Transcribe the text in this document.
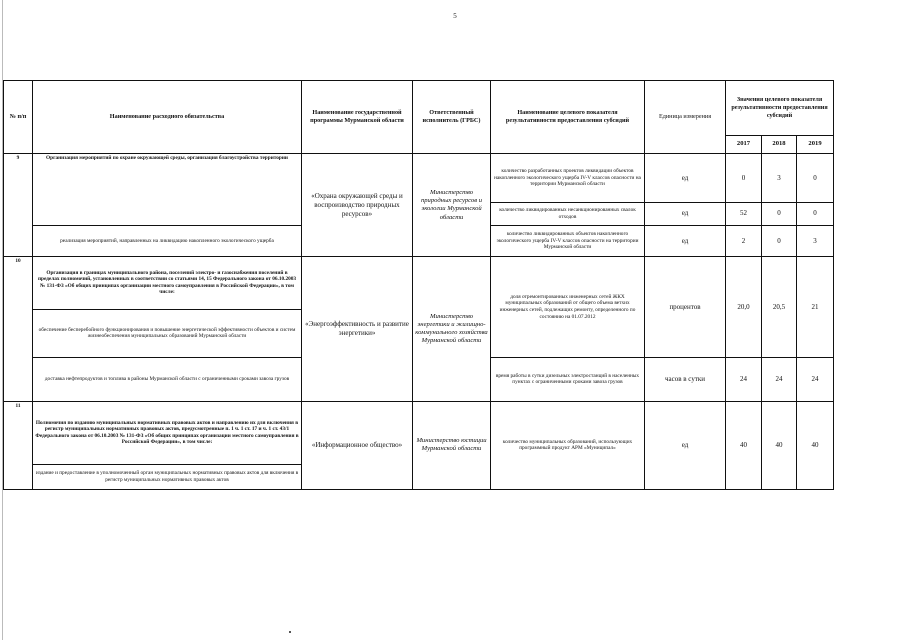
5
№ п/п	Наименование расходного обязательства	Наименование государственной программы Мурманской области	Ответственный исполнитель (ГРБС)	Наименование целевого показателя результативности предоставления субсидий	Единица измерения	Значения целевого показателя результативности предоставления субсидий		
						2017	2018	2019
9	Организация мероприятий по охране окружающей среды, организация благоустройства территории	«Охрана окружающей среды и воспроизводство природных ресурсов»	Министерство природных ресурсов и экологии Мурманской области	количество разработанных проектов ликвидации объектов накопленного экологического ущерба IV-V классов опасности на территории Мурманской области	ед	0	3	0
				количество ликвидированных несанкционированных свалок отходов	ед	52	0	0
	реализация мероприятий, направленных на ликвидацию накопленного экологического ущерба			количество ликвидированных объектов накопленного экологического ущерба IV-V классов опасности на территории Мурманской области	ед	2	0	3
10	Организация в границах муниципального района, поселений электро- и газоснабжения поселений в пределах полномочий, установленных в соответствии со статьями 14, 15 Федерального закона от 06.10.2003 № 131-ФЗ «Об общих принципах организации местного самоуправления в Российской Федерации», в том числе:	«Энергоэффективность и развитие энергетики»	Министерство энергетики и жилищно-коммунального хозяйства Мурманской области	доля отремонтированных инженерных сетей ЖКХ муниципальных образований от общего объема ветхих инженерных сетей, подлежащих ремонту, определенного по состоянию на 01.07.2012	процентов	20,0	20,5	21
	обеспечение бесперебойного функционирования и повышение энергетической эффективности объектов и систем жизнеобеспечения муниципальных образований Мурманской области							
	доставка нефтепродуктов и топлива в районы Мурманской области с ограниченными сроками завоза грузов			время работы в сутки дизельных электростанций в населенных пунктах с ограниченными сроками завоза грузов	часов в сутки	24	24	24

11	Полномочия по изданию муниципальных нормативных правовых актов и направлению их для включения в регистр муниципальных нормативных правовых актов, предусмотренные п. 1 ч. 1 ст. 17 и ч. 1 ст. 43/1 Федерального закона от 06.10.2003 № 131-ФЗ «Об общих принципах организации местного самоуправления в Российской Федерации», в том числе:	«Информационное общество»	Министерство юстиции Мурманской области	количество муниципальных образований, использующих программный продукт АРМ «Муниципал»	ед	40	40	40
	издание и предоставление в уполномоченный орган муниципальных нормативных правовых актов для включения в регистр муниципальных нормативных правовых актов							
